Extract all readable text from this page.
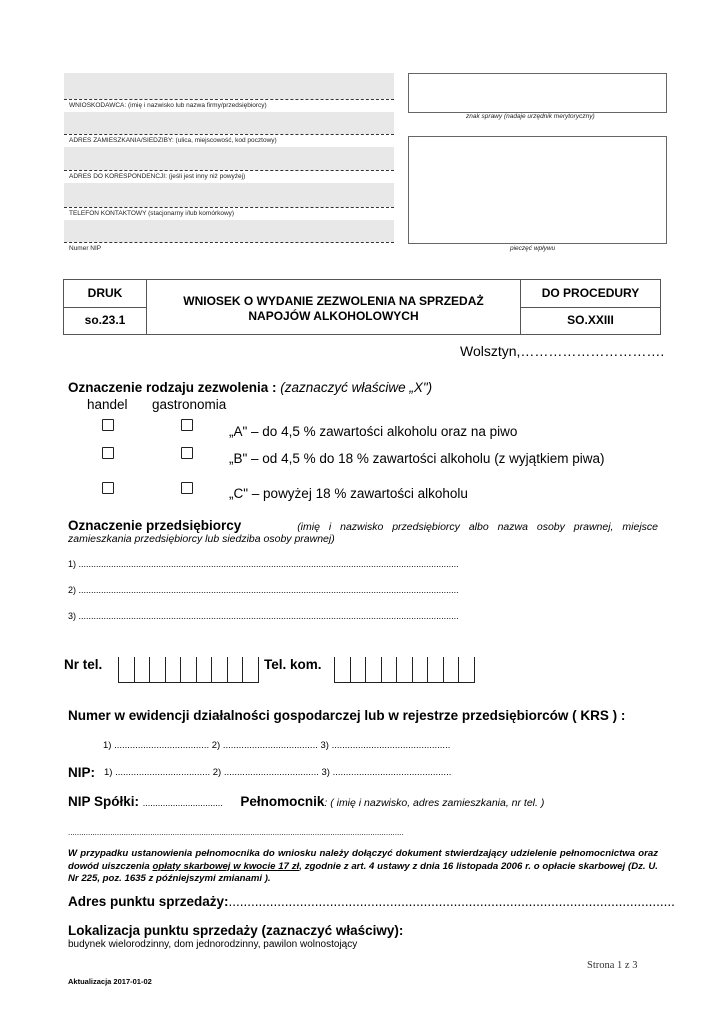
WNIOSKODAWCA: (imię i nazwisko lub nazwa firmy/przedsiębiorcy)
ADRES ZAMIESZKANIA/SIEDZIBY: (ulica, miejscowość, kod pocztowy)
ADRES DO KORESPONDENCJI: (jeśli jest inny niż powyżej)
TELEFON KONTAKTOWY (stacjonarny i/lub komórkowy)
Numer NIP
znak sprawy (nadaje urzędnik merytoryczny)
pieczęć wpływu
DRUK
so.23.1
WNIOSEK O WYDANIE ZEZWOLENIA NA SPRZEDAŻ
NAPOJÓW ALKOHOLOWYCH
DO PROCEDURY
SO.XXIII
Wolsztyn,………………………….
Oznaczenie rodzaju zezwolenia : (zaznaczyć właściwe „X")
handel gastronomia
„A" – do 4,5 % zawartości alkoholu oraz na piwo
„B" – od 4,5 % do 18 % zawartości alkoholu (z wyjątkiem piwa)
„C" – powyżej 18 % zawartości alkoholu
Oznaczenie przedsiębiorcy	(imię i nazwisko przedsiębiorcy albo nazwa osoby prawnej, miejsce
zamieszkania przedsiębiorcy lub siedziba osoby prawnej)
1) ........................................................................................................................................................
2) ........................................................................................................................................................
3) ........................................................................................................................................................
Nr tel.	Tel. kom.
Numer w ewidencji działalności gospodarczej lub w rejestrze przedsiębiorców ( KRS ) :
1) .................................... 2) .................................... 3) .............................................
NIP: 1) .................................... 2) .................................... 3) .............................................
NIP Spółki: ................................ Pełnomocnik: ( imię i nazwisko, adres zamieszkania, nr tel. )
.......................................................................................................................................................
W przypadku ustanowienia pełnomocnika do wniosku należy dołączyć dokument stwierdzający udzielenie pełnomocnictwa oraz dowód uiszczenia opłaty skarbowej w kwocie 17 zł, zgodnie z art. 4 ustawy z dnia 16 listopada 2006 r. o opłacie skarbowej (Dz. U. Nr 225, poz. 1635 z późniejszymi zmianami ).
Adres punktu sprzedaży:.......................................................................................................................
Lokalizacja punktu sprzedaży (zaznaczyć właściwy):
budynek wielorodzinny, dom jednorodzinny, pawilon wolnostojący
Strona 1 z 3
Aktualizacja 2017-01-02
